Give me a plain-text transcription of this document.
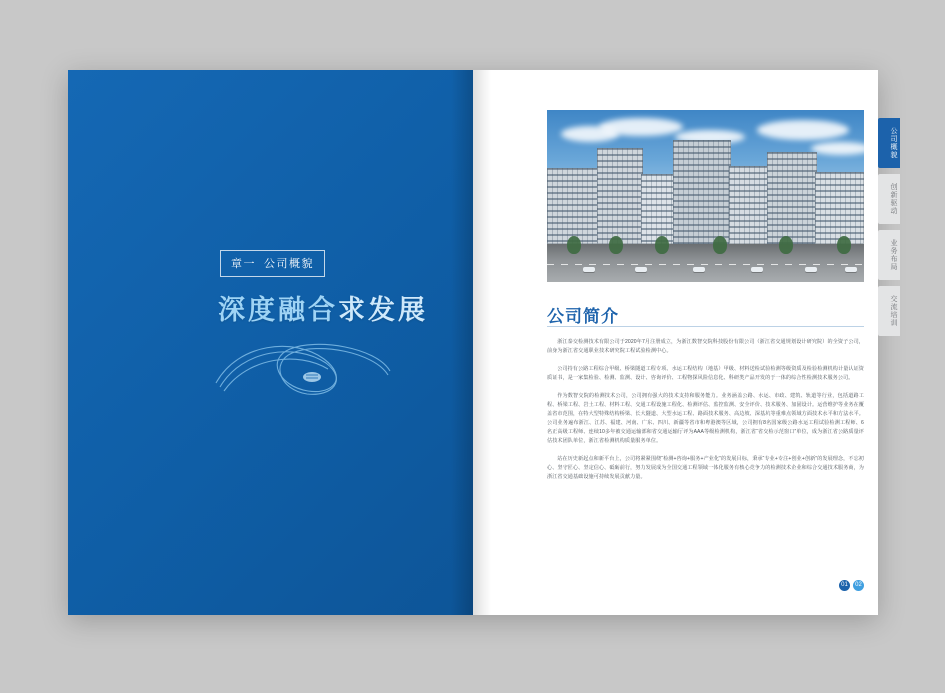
章一 公司概貌
深度融合求发展	公司简介

浙江泰交检测技术有限公司于2020年7月注册成立，为浙江数智交院科技股份有限公司（浙江省交通规划设计研究院）的全资子公司，前身为浙江省交通职业技术研究院工程试验检测中心。

公司持有公路工程综合甲级、桥梁隧道工程专项、水运工程结构（地基）甲级、材料送检试验检测等级资质及检验检测机构计量认证资质证书，是一家集检验、检测、监测、设计、咨询评价、工程物探风险信息化、科研类产品开发的于一体的综合性检测技术服务公司。

作为数智交院的检测技术公司，公司拥有强大的技术支持和服务能力。业务涵盖公路、水运、市政、建筑、轨道等行业，包括道路工程、桥梁工程、岩土工程、材料工程、交通工程设施工程化、检测评估、监控监测、安全评价、技术服务、加固设计。运营维护等业务在覆盖省市范围，在特大型特殊结构桥梁、长大隧道、大型水运工程、路面技术服务、高边坡、深基坑等重难点领域方面技术水平和方法水平。公司业务遍布浙江、江苏、福建、河南、广东、四川、新疆等省市和粤港澳等区域，公司拥有8名国家级公路水运工程试验检测工程师、6名正高级工程师、连续10多年被交通运输部和省交通运输厅评为AAA等级检测机构，浙江省“省交检示范窗口”单位，成为浙江省公路质量评估技术团队单位，浙江省检测机构质量服务单位。

站在历史新起点和新平台上，公司将紧紧围绕“检测+咨询+服务+产业化”的发展目标，秉承“专业+专注+创业+创新”的发展理念，不忘初心、坚守匠心、坚定信心、砥砺前行，努力发展成为全国交通工程领域一体化服务有核心竞争力的检测技术企业和综合交通技术服务商，为浙江省交通基础设施可持续发展贡献力量。

01	02
公司概貌
创新驱动
业务布局
交流培训
